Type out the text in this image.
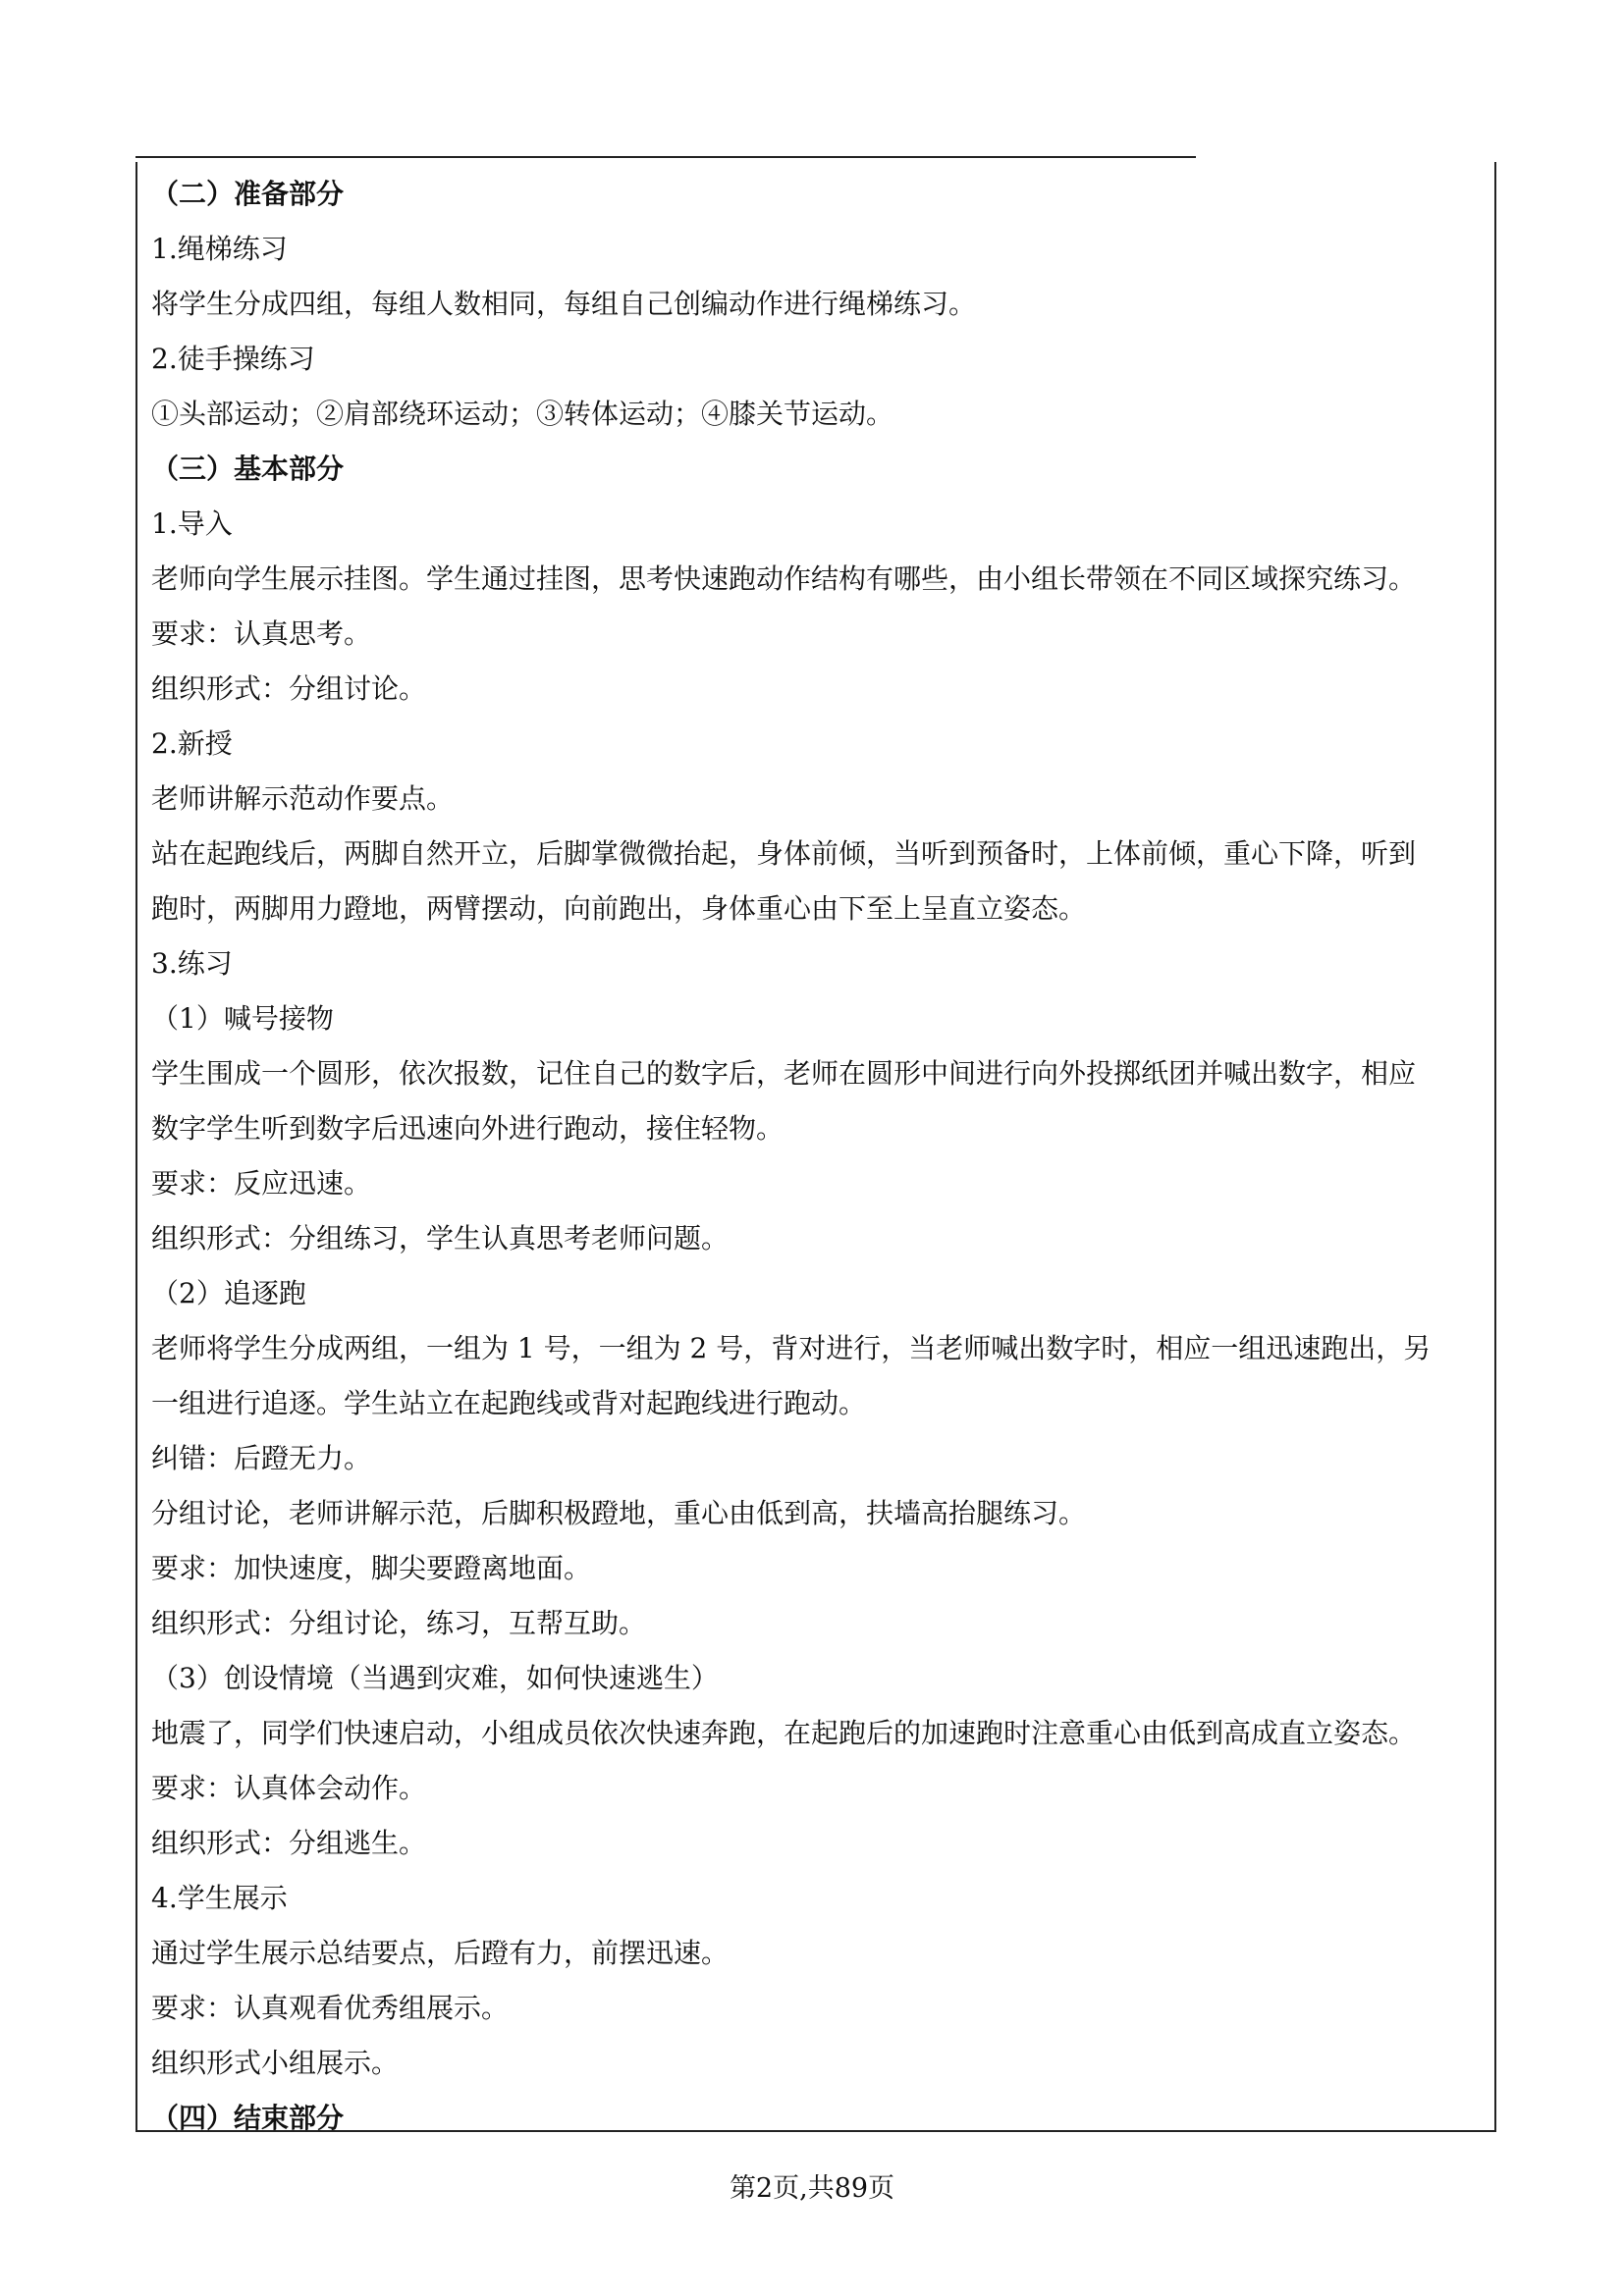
（二）准备部分
1.绳梯练习
将学生分成四组，每组人数相同，每组自己创编动作进行绳梯练习。
2.徒手操练习
①头部运动；②肩部绕环运动；③转体运动；④膝关节运动。
（三）基本部分
1.导入
老师向学生展示挂图。学生通过挂图，思考快速跑动作结构有哪些，由小组长带领在不同区域探究练习。
要求：认真思考。
组织形式：分组讨论。
2.新授
老师讲解示范动作要点。
站在起跑线后，两脚自然开立，后脚掌微微抬起，身体前倾，当听到预备时，上体前倾，重心下降，听到
跑时，两脚用力蹬地，两臂摆动，向前跑出，身体重心由下至上呈直立姿态。
3.练习
（1）喊号接物
学生围成一个圆形，依次报数，记住自己的数字后，老师在圆形中间进行向外投掷纸团并喊出数字，相应
数字学生听到数字后迅速向外进行跑动，接住轻物。
要求：反应迅速。
组织形式：分组练习，学生认真思考老师问题。
（2）追逐跑
老师将学生分成两组，一组为 1 号，一组为 2 号，背对进行，当老师喊出数字时，相应一组迅速跑出，另
一组进行追逐。学生站立在起跑线或背对起跑线进行跑动。
纠错：后蹬无力。
分组讨论，老师讲解示范，后脚积极蹬地，重心由低到高，扶墙高抬腿练习。
要求：加快速度，脚尖要蹬离地面。
组织形式：分组讨论，练习，互帮互助。
（3）创设情境（当遇到灾难，如何快速逃生）
地震了，同学们快速启动，小组成员依次快速奔跑，在起跑后的加速跑时注意重心由低到高成直立姿态。
要求：认真体会动作。
组织形式：分组逃生。
4.学生展示
通过学生展示总结要点，后蹬有力，前摆迅速。
要求：认真观看优秀组展示。
组织形式小组展示。
（四）结束部分
第2页,共89页
